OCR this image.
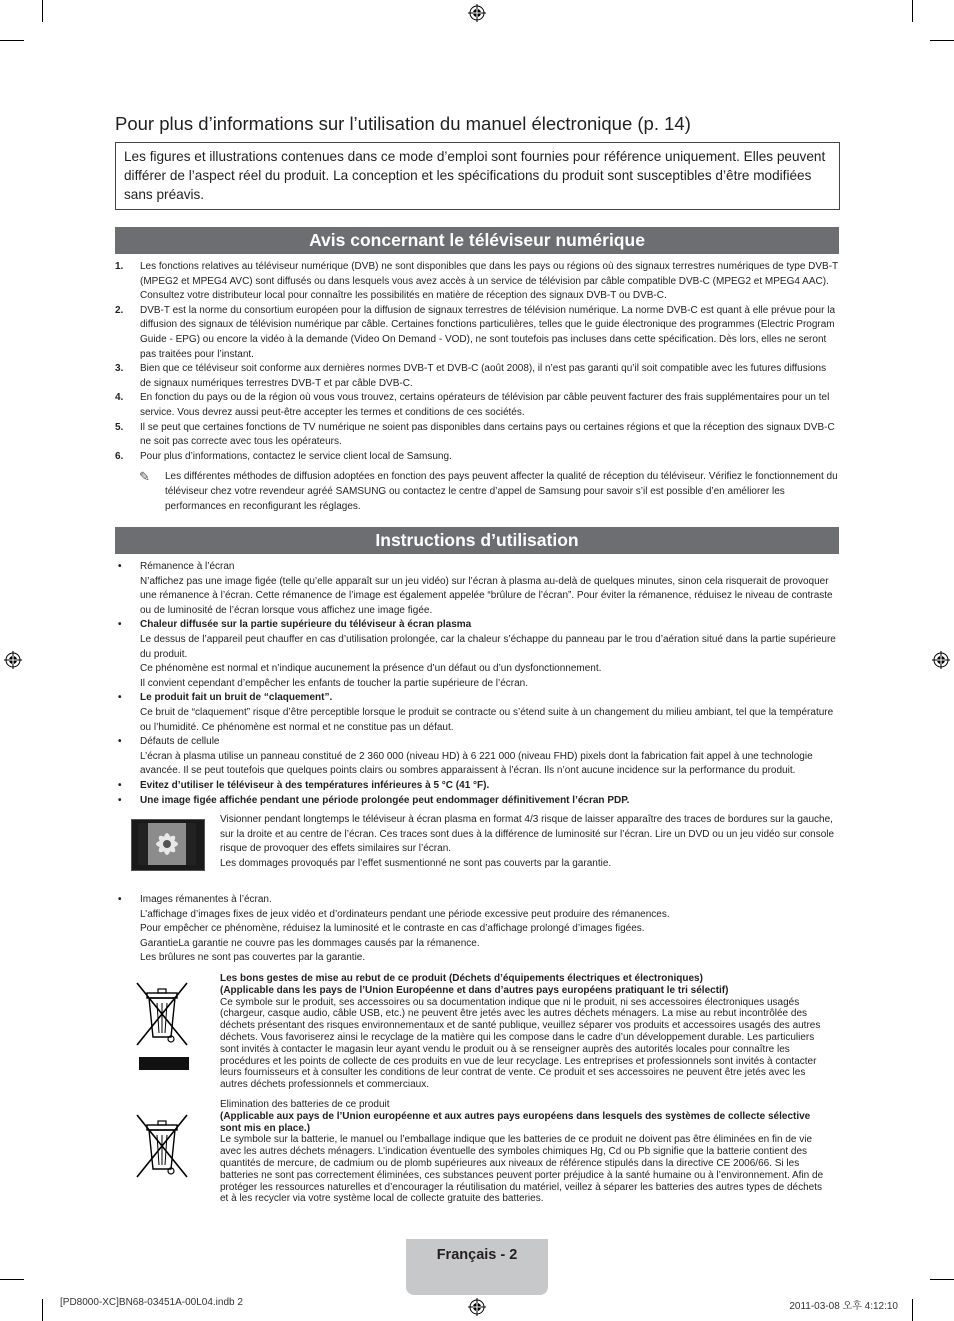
Pour plus d’informations sur l’utilisation du manuel électronique (p. 14)
Les figures et illustrations contenues dans ce mode d’emploi sont fournies pour référence uniquement. Elles peuvent différer de l’aspect réel du produit. La conception et les spécifications du produit sont susceptibles d’être modifiées sans préavis.
Avis concernant le téléviseur numérique
1. Les fonctions relatives au téléviseur numérique (DVB) ne sont disponibles que dans les pays ou régions où des signaux terrestres numériques de type DVB-T (MPEG2 et MPEG4 AVC) sont diffusés ou dans lesquels vous avez accès à un service de télévision par câble compatible DVB-C (MPEG2 et MPEG4 AAC). Consultez votre distributeur local pour connaître les possibilités en matière de réception des signaux DVB-T ou DVB-C.
2. DVB-T est la norme du consortium européen pour la diffusion de signaux terrestres de télévision numérique. La norme DVB-C est quant à elle prévue pour la diffusion des signaux de télévision numérique par câble. Certaines fonctions particulières, telles que le guide électronique des programmes (Electric Program Guide - EPG) ou encore la vidéo à la demande (Video On Demand - VOD), ne sont toutefois pas incluses dans cette spécification. Dès lors, elles ne seront pas traitées pour l’instant.
3. Bien que ce téléviseur soit conforme aux dernières normes DVB-T et DVB-C (août 2008), il n’est pas garanti qu’il soit compatible avec les futures diffusions de signaux numériques terrestres DVB-T et par câble DVB-C.
4. En fonction du pays ou de la région où vous vous trouvez, certains opérateurs de télévision par câble peuvent facturer des frais supplémentaires pour un tel service. Vous devrez aussi peut-être accepter les termes et conditions de ces sociétés.
5. Il se peut que certaines fonctions de TV numérique ne soient pas disponibles dans certains pays ou certaines régions et que la réception des signaux DVB-C ne soit pas correcte avec tous les opérateurs.
6. Pour plus d’informations, contactez le service client local de Samsung.
✎ Les différentes méthodes de diffusion adoptées en fonction des pays peuvent affecter la qualité de réception du téléviseur. Vérifiez le fonctionnement du téléviseur chez votre revendeur agréé SAMSUNG ou contactez le centre d’appel de Samsung pour savoir s’il est possible d’en améliorer les performances en reconfigurant les réglages.
Instructions d’utilisation
• Rémanence à l’écran
N’affichez pas une image figée (telle qu’elle apparaît sur un jeu vidéo) sur l’écran à plasma au-delà de quelques minutes, sinon cela risquerait de provoquer une rémanence à l’écran. Cette rémanence de l’image est également appelée “brûlure de l’écran”. Pour éviter la rémanence, réduisez le niveau de contraste ou de luminosité de l’écran lorsque vous affichez une image figée.
• Chaleur diffusée sur la partie supérieure du téléviseur à écran plasma
Le dessus de l’appareil peut chauffer en cas d’utilisation prolongée, car la chaleur s’échappe du panneau par le trou d’aération situé dans la partie supérieure du produit.
Ce phénomène est normal et n’indique aucunement la présence d’un défaut ou d’un dysfonctionnement.
Il convient cependant d’empêcher les enfants de toucher la partie supérieure de l’écran.
• Le produit fait un bruit de “claquement”.
Ce bruit de “claquement” risque d’être perceptible lorsque le produit se contracte ou s’étend suite à un changement du milieu ambiant, tel que la température ou l’humidité. Ce phénomène est normal et ne constitue pas un défaut.
• Défauts de cellule
L’écran à plasma utilise un panneau constitué de 2 360 000 (niveau HD) à 6 221 000 (niveau FHD) pixels dont la fabrication fait appel à une technologie avancée. Il se peut toutefois que quelques points clairs ou sombres apparaissent à l’écran. Ils n’ont aucune incidence sur la performance du produit.
• Evitez d’utiliser le téléviseur à des températures inférieures à 5 °C (41 °F).
• Une image figée affichée pendant une période prolongée peut endommager définitivement l’écran PDP.
Visionner pendant longtemps le téléviseur à écran plasma en format 4/3 risque de laisser apparaître des traces de bordures sur la gauche, sur la droite et au centre de l’écran. Ces traces sont dues à la différence de luminosité sur l’écran. Lire un DVD ou un jeu vidéo sur console risque de provoquer des effets similaires sur l’écran.
Les dommages provoqués par l’effet susmentionné ne sont pas couverts par la garantie.
• Images rémanentes à l’écran.
L’affichage d’images fixes de jeux vidéo et d’ordinateurs pendant une période excessive peut produire des rémanences.
Pour empêcher ce phénomène, réduisez la luminosité et le contraste en cas d’affichage prolongé d’images figées.
GarantieLa garantie ne couvre pas les dommages causés par la rémanence.
Les brûlures ne sont pas couvertes par la garantie.
Les bons gestes de mise au rebut de ce produit (Déchets d’équipements électriques et électroniques)
(Applicable dans les pays de l’Union Européenne et dans d’autres pays européens pratiquant le tri sélectif)
Ce symbole sur le produit, ses accessoires ou sa documentation indique que ni le produit, ni ses accessoires électroniques usagés (chargeur, casque audio, câble USB, etc.) ne peuvent être jetés avec les autres déchets ménagers. La mise au rebut incontrôlée des déchets présentant des risques environnementaux et de santé publique, veuillez séparer vos produits et accessoires usagés des autres déchets. Vous favoriserez ainsi le recyclage de la matière qui les compose dans le cadre d’un développement durable. Les particuliers sont invités à contacter le magasin leur ayant vendu le produit ou à se renseigner auprès des autorités locales pour connaître les procédures et les points de collecte de ces produits en vue de leur recyclage. Les entreprises et professionnels sont invités à contacter leurs fournisseurs et à consulter les conditions de leur contrat de vente. Ce produit et ses accessoires ne peuvent être jetés avec les autres déchets professionnels et commerciaux.
Elimination des batteries de ce produit
(Applicable aux pays de l’Union européenne et aux autres pays européens dans lesquels des systèmes de collecte sélective sont mis en place.)
Le symbole sur la batterie, le manuel ou l’emballage indique que les batteries de ce produit ne doivent pas être éliminées en fin de vie avec les autres déchets ménagers. L’indication éventuelle des symboles chimiques Hg, Cd ou Pb signifie que la batterie contient des quantités de mercure, de cadmium ou de plomb supérieures aux niveaux de référence stipulés dans la directive CE 2006/66. Si les batteries ne sont pas correctement éliminées, ces substances peuvent porter préjudice à la santé humaine ou à l’environnement. Afin de protéger les ressources naturelles et d’encourager la réutilisation du matériel, veillez à séparer les batteries des autres types de déchets et à les recycler via votre système local de collecte gratuite des batteries.
Français - 2
[PD8000-XC]BN68-03451A-00L04.indb 2	2011-03-08 오후 4:12:10
